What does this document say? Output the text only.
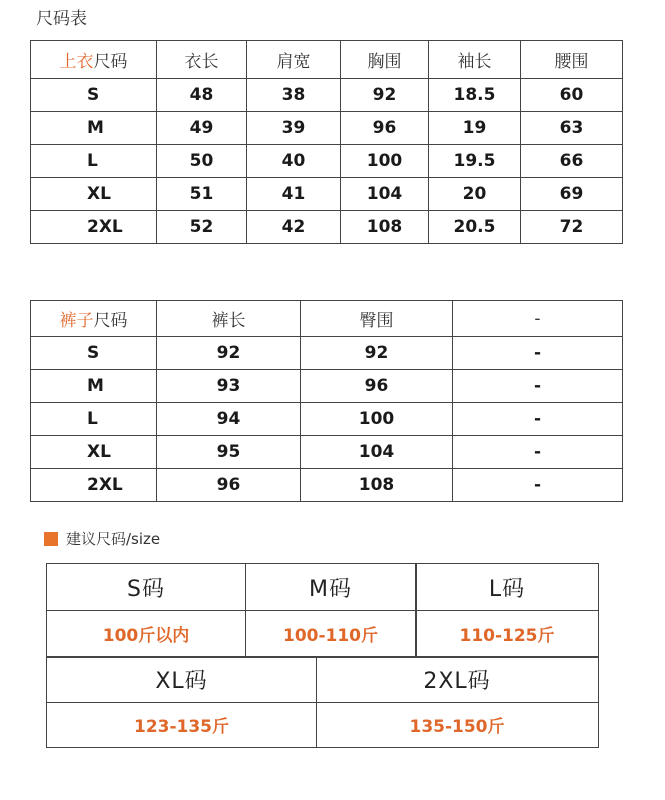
尺码表
上衣尺码	衣长	肩宽	胸围	袖长	腰围
S	48	38	92	18.5	60
M	49	39	96	19	63
L	50	40	100	19.5	66
XL	51	41	104	20	69
2XL	52	42	108	20.5	72
裤子尺码	裤长	臀围	-
S	92	92	-
M	93	96	-
L	94	100	-
XL	95	104	-
2XL	96	108	-
建议尺码/size
S码	M码	L码
100斤以内	100-110斤	110-125斤
XL码	2XL码
123-135斤	135-150斤
